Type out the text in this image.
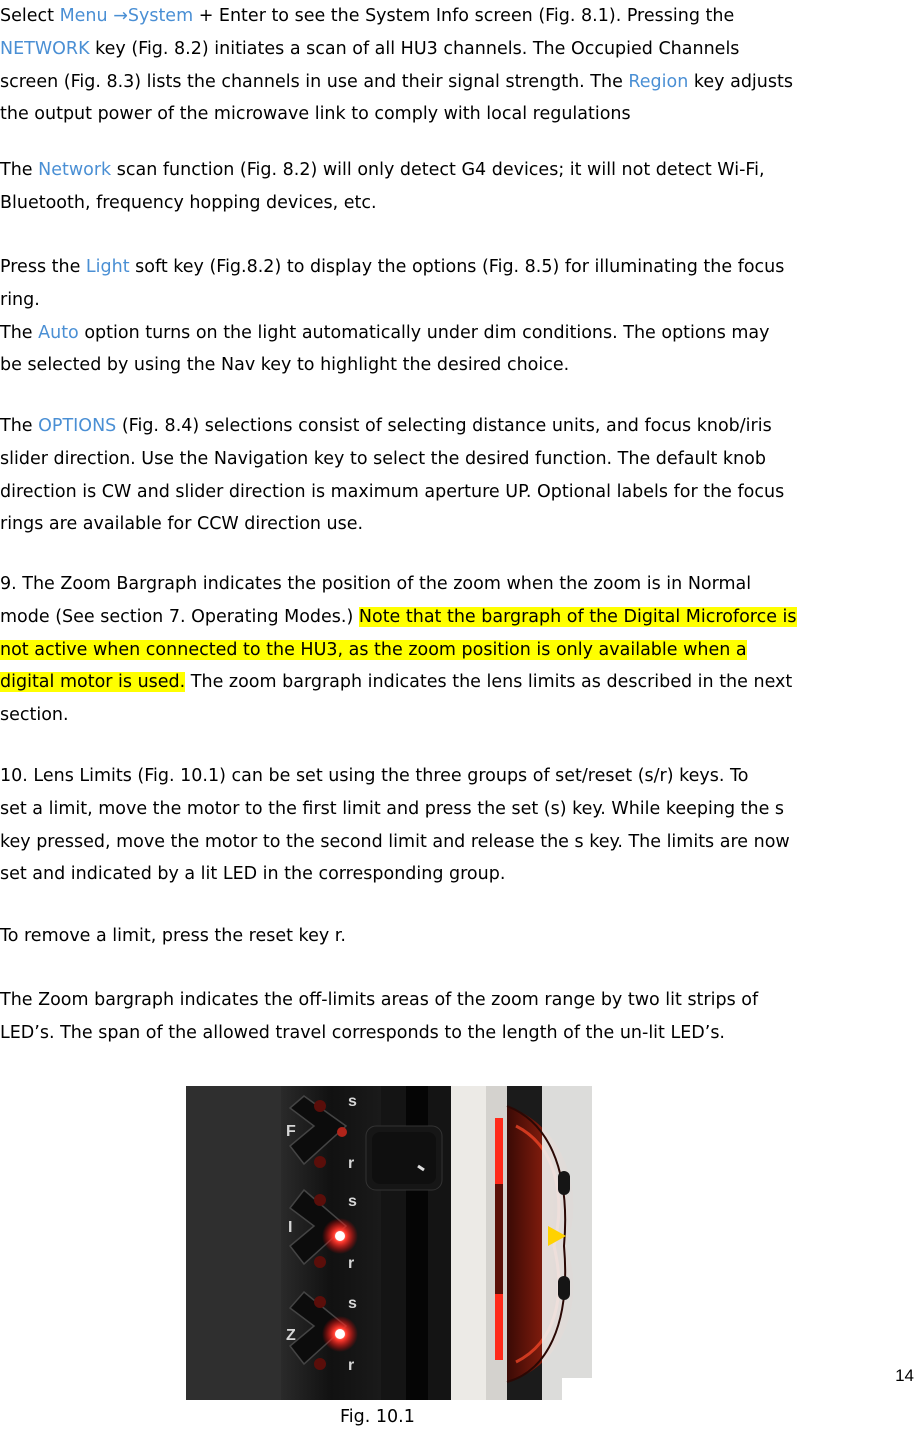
Select Menu →System + Enter to see the System Info screen (Fig. 8.1). Pressing the
NETWORK key (Fig. 8.2) initiates a scan of all HU3 channels. The Occupied Channels
screen (Fig. 8.3) lists the channels in use and their signal strength. The Region key adjusts
the output power of the microwave link to comply with local regulations

The Network scan function (Fig. 8.2) will only detect G4 devices; it will not detect Wi-Fi,
Bluetooth, frequency hopping devices, etc.

Press the Light soft key (Fig.8.2) to display the options (Fig. 8.5) for illuminating the focus
ring.
The Auto option turns on the light automatically under dim conditions. The options may
be selected by using the Nav key to highlight the desired choice.

The OPTIONS (Fig. 8.4) selections consist of selecting distance units, and focus knob/iris
slider direction. Use the Navigation key to select the desired function. The default knob
direction is CW and slider direction is maximum aperture UP. Optional labels for the focus
rings are available for CCW direction use.

9. The Zoom Bargraph indicates the position of the zoom when the zoom is in Normal
mode (See section 7. Operating Modes.) Note that the bargraph of the Digital Microforce is
not active when connected to the HU3, as the zoom position is only available when a
digital motor is used. The zoom bargraph indicates the lens limits as described in the next
section.

10. Lens Limits (Fig. 10.1) can be set using the three groups of set/reset (s/r) keys. To
set a limit, move the motor to the first limit and press the set (s) key. While keeping the s
key pressed, move the motor to the second limit and release the s key. The limits are now
set and indicated by a lit LED in the corresponding group.

To remove a limit, press the reset key r.

The Zoom bargraph indicates the off-limits areas of the zoom range by two lit strips of
LED’s. The span of the allowed travel corresponds to the length of the un-lit LED’s.

s
F
r
s
I
r
s
Z
r
Fig. 10.1
14
